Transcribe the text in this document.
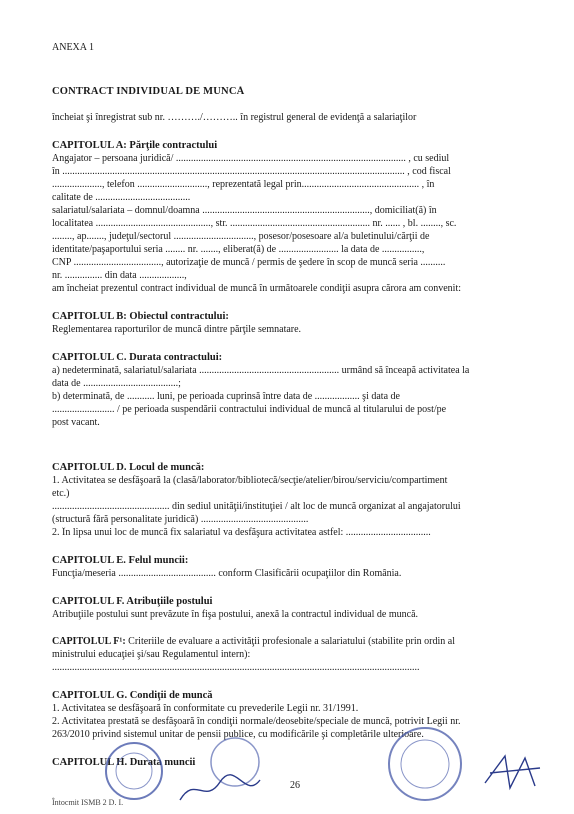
ANEXA 1
CONTRACT INDIVIDUAL DE MUNCĂ
încheiat şi înregistrat sub nr. ………./……….. în registrul general de evidenţă a salariaţilor
CAPITOLUL A: Părţile contractului
Angajator – persoana juridică/ ............................................................................................ , cu sediul
în ......................................................................................................................................... , cod fiscal
...................., telefon ............................, reprezentată legal prin............................................... , în
calitate de ......................................
salariatul/salariata – domnul/doamna ..................................................................., domiciliat(ă) în
localitatea .............................................., str. ........................................................ nr. ...... , bl. ........, sc.
........, ap......., judeţul/sectorul ................................, posesor/posesoare al/a buletinului/cărţii de
identitate/paşaportului seria ........ nr. ......., eliberat(ă) de ........................ la data de ................,
CNP ..................................., autorizaţie de muncă / permis de şedere în scop de muncă seria ..........
nr. ............... din data ..................,
am încheiat prezentul contract individual de muncă în următoarele condiţii asupra cărora am convenit:
CAPITOLUL B: Obiectul contractului:
Reglementarea raporturilor de muncă dintre părţile semnatare.
CAPITOLUL C. Durata contractului:
a) nedeterminată, salariatul/salariata ........................................................ urmând să înceapă activitatea la
data de ......................................;
b) determinată, de ........... luni, pe perioada cuprinsă între data de .................. şi data de
......................... / pe perioada suspendării contractului individual de muncă al titularului de post/pe
post vacant.
CAPITOLUL D. Locul de muncă:
1. Activitatea se desfăşoară la (clasă/laborator/bibliotecă/secţie/atelier/birou/serviciu/compartiment
etc.)
............................................... din sediul unităţii/instituţiei / alt loc de muncă organizat al angajatorului
(structură fără personalitate juridică) ...........................................
2. În lipsa unui loc de muncă fix salariatul va desfăşura activitatea astfel: ..................................
CAPITOLUL E. Felul muncii:
Funcţia/meseria ....................................... conform Clasificării ocupaţiilor din România.
CAPITOLUL F. Atribuţiile postului
Atribuţiile postului sunt prevăzute în fişa postului, anexă la contractul individual de muncă.
CAPITOLUL F¹: Criteriile de evaluare a activităţii profesionale a salariatului (stabilite prin ordin al
ministrului educaţiei şi/sau Regulamentul intern):
...................................................................................................................................................
CAPITOLUL G. Condiţii de muncă
1. Activitatea se desfăşoară în conformitate cu prevederile Legii nr. 31/1991.
2. Activitatea prestată se desfăşoară în condiţii normale/deosebite/speciale de muncă, potrivit Legii nr.
263/2010 privind sistemul unitar de pensii publice, cu modificările şi completările ulterioare.
CAPITOLUL H. Durata muncii
26
Întocmit ISMB 2 D. I.
